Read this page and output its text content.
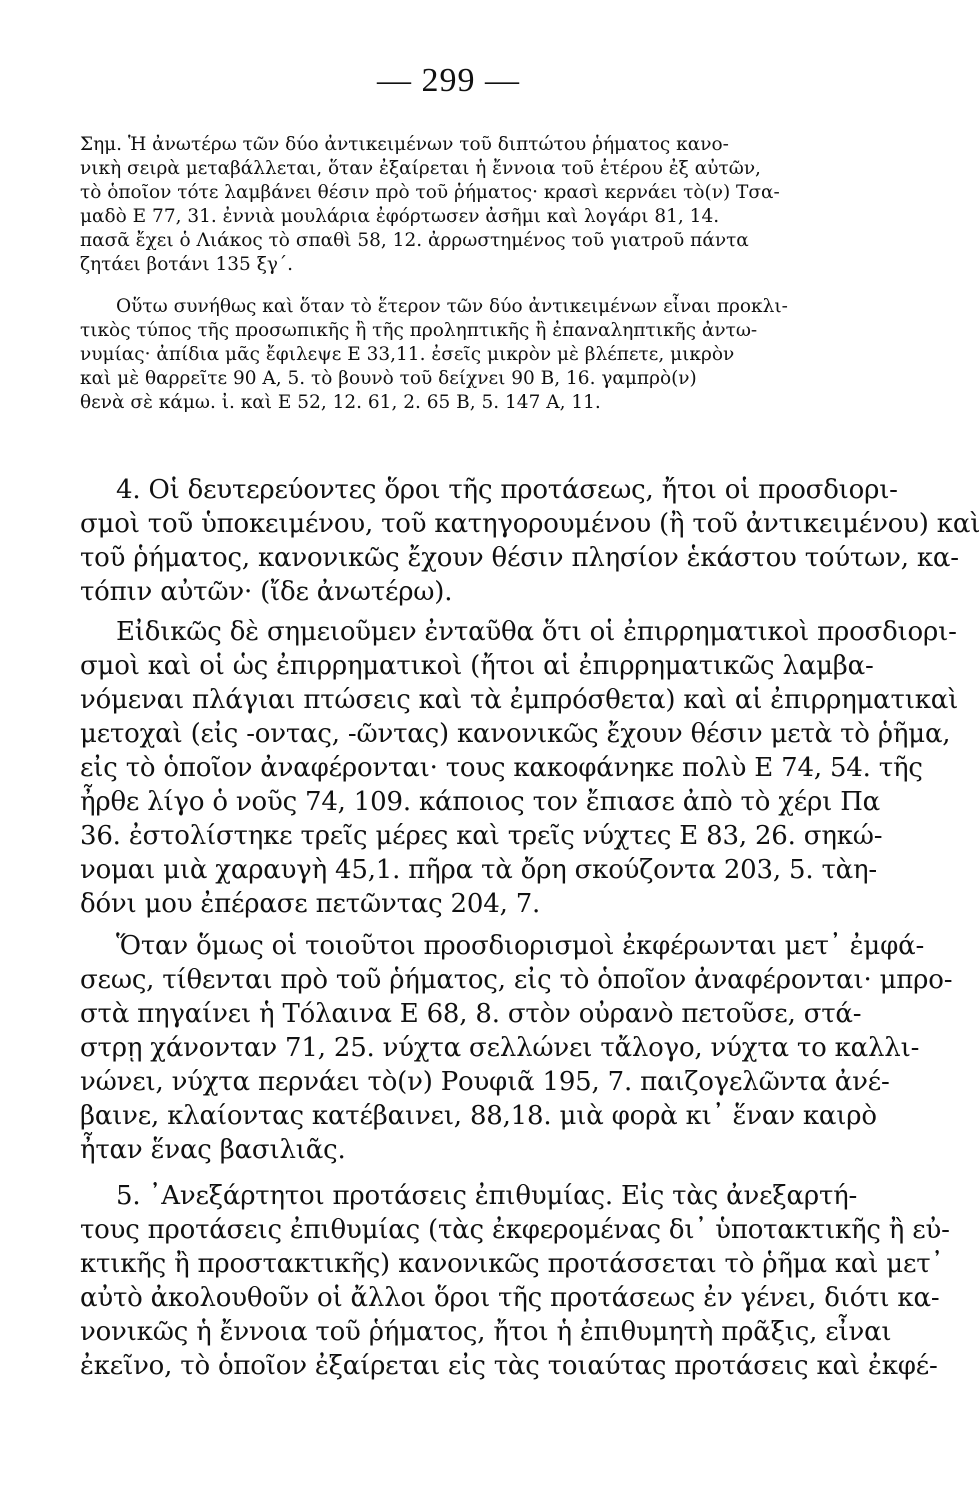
— 299 —
Σημ. Ἡ ἀνωτέρω τῶν δύο ἀντικειμένων τοῦ διπτώτου ῥήματος κανο-
νικὴ σειρὰ μεταβάλλεται, ὅταν ἐξαίρεται ἡ ἔννοια τοῦ ἑτέρου ἐξ αὐτῶν,
τὸ ὁποῖον τότε λαμβάνει θέσιν πρὸ τοῦ ῥήματος· κρασὶ κερνάει τὸ(ν) Τσα-
μαδὸ Ε 77, 31. ἐννιὰ μουλάρια ἐφόρτωσεν ἀσῆμι καὶ λογάρι 81, 14.
πασᾶ ἔχει ὁ Λιάκος τὸ σπαθὶ 58, 12. ἀρρωστημένος τοῦ γιατροῦ πάντα
ζητάει βοτάνι 135 ξγ΄.
Οὕτω συνήθως καὶ ὅταν τὸ ἕτερον τῶν δύο ἀντικειμένων εἶναι προκλι-
τικὸς τύπος τῆς προσωπικῆς ἢ τῆς προληπτικῆς ἢ ἐπαναληπτικῆς ἀντω-
νυμίας· ἀπίδια μᾶς ἔφιλεψε Ε 33,11. ἐσεῖς μικρὸν μὲ βλέπετε, μικρὸν
καὶ μὲ θαρρεῖτε 90 Α, 5. τὸ βουνὸ τοῦ δείχνει 90 Β, 16. γαμπρὸ(ν)
θενὰ σὲ κάμω. ἰ. καὶ Ε 52, 12. 61, 2. 65 Β, 5. 147 Α, 11.
4. Οἱ δευτερεύοντες ὅροι τῆς προτάσεως, ἤτοι οἱ προσδιορι-
σμοὶ τοῦ ὑποκειμένου, τοῦ κατηγορουμένου (ἢ τοῦ ἀντικειμένου) καὶ
τοῦ ῥήματος, κανονικῶς ἔχουν θέσιν πλησίον ἑκάστου τούτων, κα-
τόπιν αὐτῶν· (ἴδε ἀνωτέρω).
Εἰδικῶς δὲ σημειοῦμεν ἐνταῦθα ὅτι οἱ ἐπιρρηματικοὶ προσδιορι-
σμοὶ καὶ οἱ ὡς ἐπιρρηματικοὶ (ἤτοι αἱ ἐπιρρηματικῶς λαμβα-
νόμεναι πλάγιαι πτώσεις καὶ τὰ ἐμπρόσθετα) καὶ αἱ ἐπιρρηματικαὶ
μετοχαὶ (εἰς -οντας, -ῶντας) κανονικῶς ἔχουν θέσιν μετὰ τὸ ῥῆμα,
εἰς τὸ ὁποῖον ἀναφέρονται· τους κακοφάνηκε πολὺ Ε 74, 54. τῆς
ἦρθε λίγο ὁ νοῦς 74, 109. κάποιος τον ἔπιασε ἀπὸ τὸ χέρι Πα
36. ἐστολίστηκε τρεῖς μέρες καὶ τρεῖς νύχτες Ε 83, 26. σηκώ-
νομαι μιὰ χαραυγὴ 45,1. πῆρα τὰ ὄρη σκούζοντα 203, 5. τὰη-
δόνι μου ἐπέρασε πετῶντας 204, 7.
Ὅταν ὅμως οἱ τοιοῦτοι προσδιορισμοὶ ἐκφέρωνται μετ᾿ ἐμφά-
σεως, τίθενται πρὸ τοῦ ῥήματος, εἰς τὸ ὁποῖον ἀναφέρονται· μπρο-
στὰ πηγαίνει ἡ Τόλαινα Ε 68, 8. στὸν οὐρανὸ πετοῦσε, στά-
στρῃ χάνονταν 71, 25. νύχτα σελλώνει τἄλογο, νύχτα το καλλι-
νώνει, νύχτα περνάει τὸ(ν) Ρουφιᾶ 195, 7. παιζογελῶντα ἀνέ-
βαινε, κλαίοντας κατέβαινει, 88,18. μιὰ φορὰ κι᾿ ἕναν καιρὸ
ἦταν ἕνας βασιλιᾶς.
5. ᾿Ανεξάρτητοι προτάσεις ἐπιθυμίας. Εἰς τὰς ἀνεξαρτή-
τους προτάσεις ἐπιθυμίας (τὰς ἐκφερομένας δι᾿ ὑποτακτικῆς ἢ εὐ-
κτικῆς ἢ προστακτικῆς) κανονικῶς προτάσσεται τὸ ῥῆμα καὶ μετ᾿
αὐτὸ ἀκολουθοῦν οἱ ἄλλοι ὅροι τῆς προτάσεως ἐν γένει, διότι κα-
νονικῶς ἡ ἔννοια τοῦ ῥήματος, ἤτοι ἡ ἐπιθυμητὴ πρᾶξις, εἶναι
ἐκεῖνο, τὸ ὁποῖον ἐξαίρεται εἰς τὰς τοιαύτας προτάσεις καὶ ἐκφέ-
